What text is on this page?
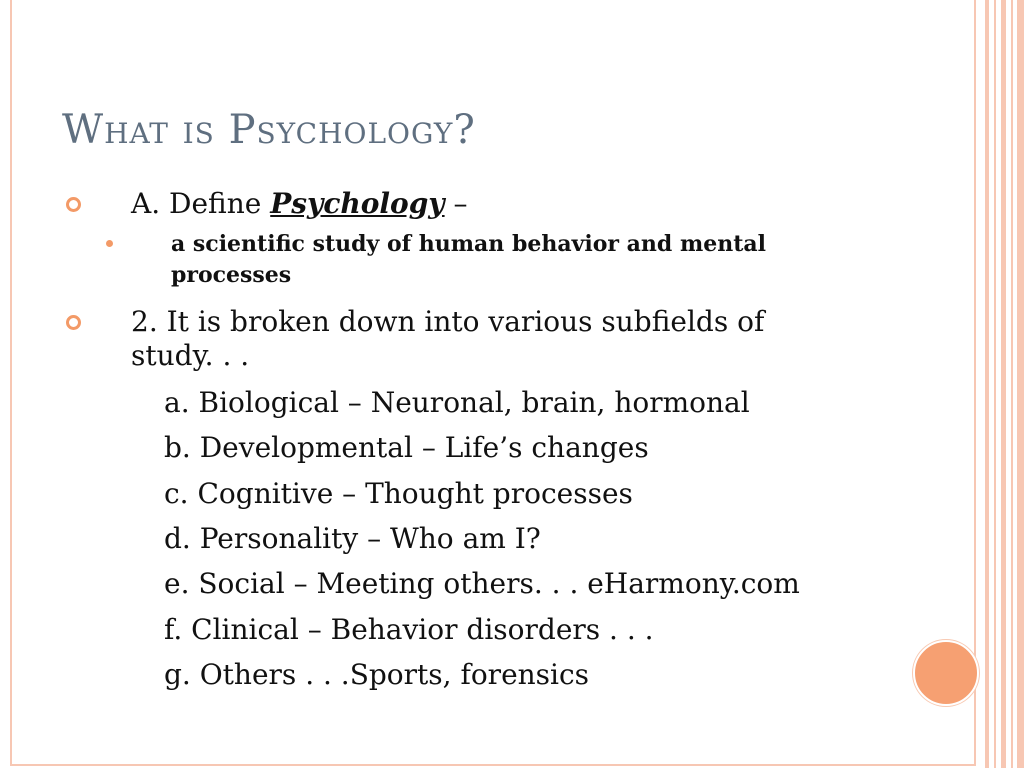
What is Psychology?
A. Define Psychology –
a scientific study of human behavior and mental processes
2. It is broken down into various subfields of study. . .
a. Biological – Neuronal, brain, hormonal
b. Developmental – Life’s changes
c. Cognitive – Thought processes
d. Personality – Who am I?
e. Social – Meeting others. . . eHarmony.com
f. Clinical – Behavior disorders . . .
g. Others . . .Sports, forensics
